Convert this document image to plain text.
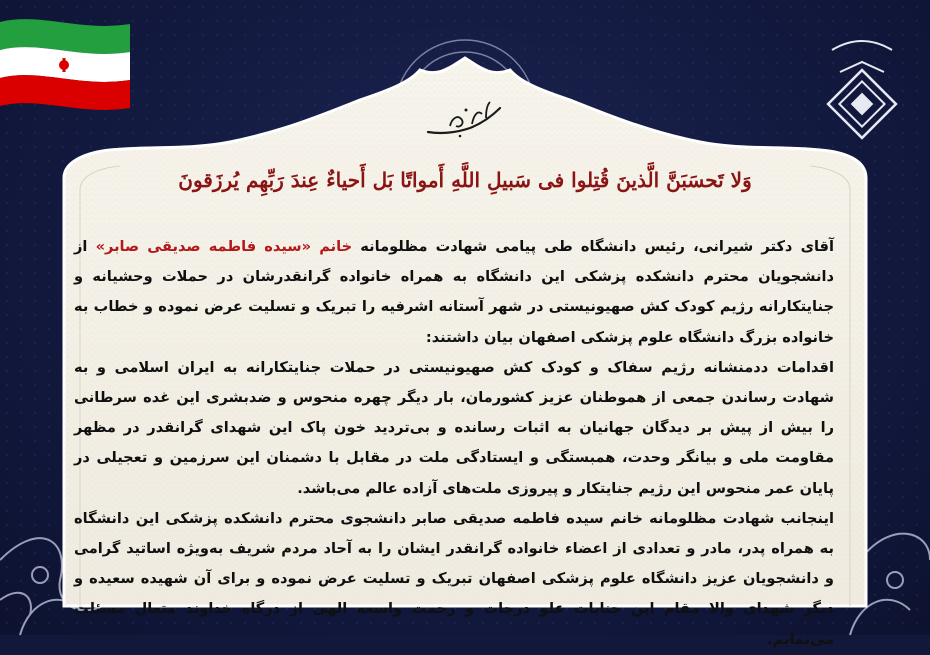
وَلا تَحسَبَنَّ الَّذينَ قُتِلوا فی سَبيلِ اللَّهِ أَمواتًا بَل أَحياءٌ عِندَ رَبِّهِم يُرزَقونَ

آقای دکتر شیرانی، رئیس دانشگاه طی پیامی شهادت مظلومانه خانم «سیده فاطمه صدیقی صابر» از دانشجویان محترم دانشکده پزشکی این دانشگاه به همراه خانواده گرانقدرشان در حملات وحشیانه و جنایتکارانه رژیم کودک کش صهیونیستی در شهر آستانه اشرفیه را تبریک و تسلیت عرض نموده و خطاب به خانواده بزرگ دانشگاه علوم پزشکی اصفهان بیان داشتند:

اقدامات ددمنشانه رژیم سفاک و کودک کش صهیونیستی در حملات جنایتکارانه به ایران اسلامی و به شهادت رساندن جمعی از هموطنان عزیز کشورمان، بار دیگر چهره منحوس و ضدبشری این غده سرطانی را بیش از پیش بر دیدگان جهانیان به اثبات رسانده و بی‌تردید خون پاک این شهدای گرانقدر در مظهر مقاومت ملی و بیانگر وحدت، همبستگی و ایستادگی ملت در مقابل با دشمنان این سرزمین و تعجیلی در پایان عمر منحوس این رژیم جنایتکار و پیروزی ملت‌های آزاده عالم می‌باشد.

اینجانب شهادت مظلومانه خانم سیده فاطمه صدیقی صابر دانشجوی محترم دانشکده پزشکی این دانشگاه به همراه پدر، مادر و تعدادی از اعضاء خانواده گرانقدر ایشان را به آحاد مردم شریف به‌ویژه اساتید گرامی و دانشجویان عزیز دانشگاه علوم پزشکی اصفهان تبریک و تسلیت عرض نموده و برای آن شهیده سعیده و دیگر شهدای والا مقام این جنایات علو درجات و رحمت واسعه الهی از درگاه خداوند متعال مسئلت می‌نمایم.
